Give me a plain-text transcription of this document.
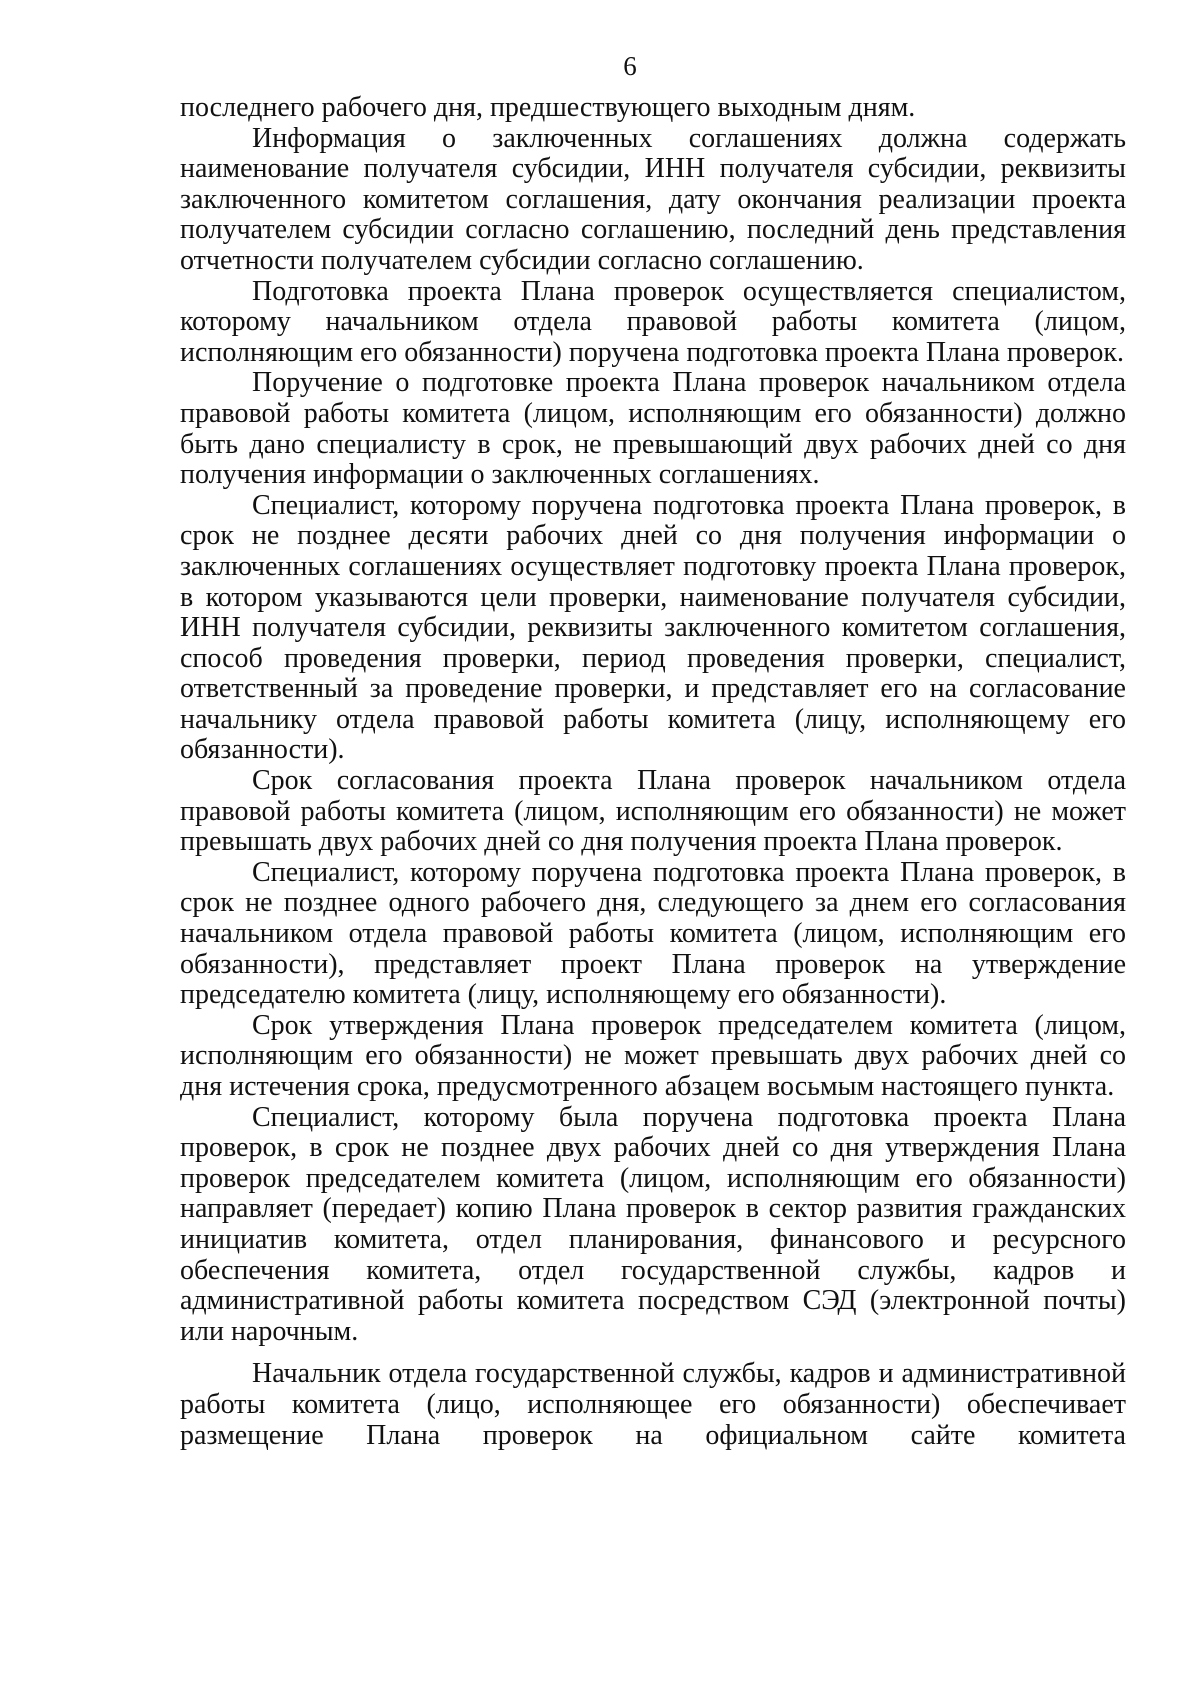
6

последнего рабочего дня, предшествующего выходным дням.

Информация о заключенных соглашениях должна содержать наименование получателя субсидии, ИНН получателя субсидии, реквизиты заключенного комитетом соглашения, дату окончания реализации проекта получателем субсидии согласно соглашению, последний день представления отчетности получателем субсидии согласно соглашению.

Подготовка проекта Плана проверок осуществляется специалистом, которому начальником отдела правовой работы комитета (лицом, исполняющим его обязанности) поручена подготовка проекта Плана проверок.

Поручение о подготовке проекта Плана проверок начальником отдела правовой работы комитета (лицом, исполняющим его обязанности) должно быть дано специалисту в срок, не превышающий двух рабочих дней со дня получения информации о заключенных соглашениях.

Специалист, которому поручена подготовка проекта Плана проверок, в срок не позднее десяти рабочих дней со дня получения информации о заключенных соглашениях осуществляет подготовку проекта Плана проверок, в котором указываются цели проверки, наименование получателя субсидии, ИНН получателя субсидии, реквизиты заключенного комитетом соглашения, способ проведения проверки, период проведения проверки, специалист, ответственный за проведение проверки, и представляет его на согласование начальнику отдела правовой работы комитета (лицу, исполняющему его обязанности).

Срок согласования проекта Плана проверок начальником отдела правовой работы комитета (лицом, исполняющим его обязанности) не может превышать двух рабочих дней со дня получения проекта Плана проверок.

Специалист, которому поручена подготовка проекта Плана проверок, в срок не позднее одного рабочего дня, следующего за днем его согласования начальником отдела правовой работы комитета (лицом, исполняющим его обязанности), представляет проект Плана проверок на утверждение председателю комитета (лицу, исполняющему его обязанности).

Срок утверждения Плана проверок председателем комитета (лицом, исполняющим его обязанности) не может превышать двух рабочих дней со дня истечения срока, предусмотренного абзацем восьмым настоящего пункта.

Специалист, которому была поручена подготовка проекта Плана проверок, в срок не позднее двух рабочих дней со дня утверждения Плана проверок председателем комитета (лицом, исполняющим его обязанности) направляет (передает) копию Плана проверок в сектор развития гражданских инициатив комитета, отдел планирования, финансового и ресурсного обеспечения комитета, отдел государственной службы, кадров и административной работы комитета посредством СЭД (электронной почты) или нарочным.

Начальник отдела государственной службы, кадров и административной работы комитета (лицо, исполняющее его обязанности) обеспечивает размещение Плана проверок на официальном сайте комитета
